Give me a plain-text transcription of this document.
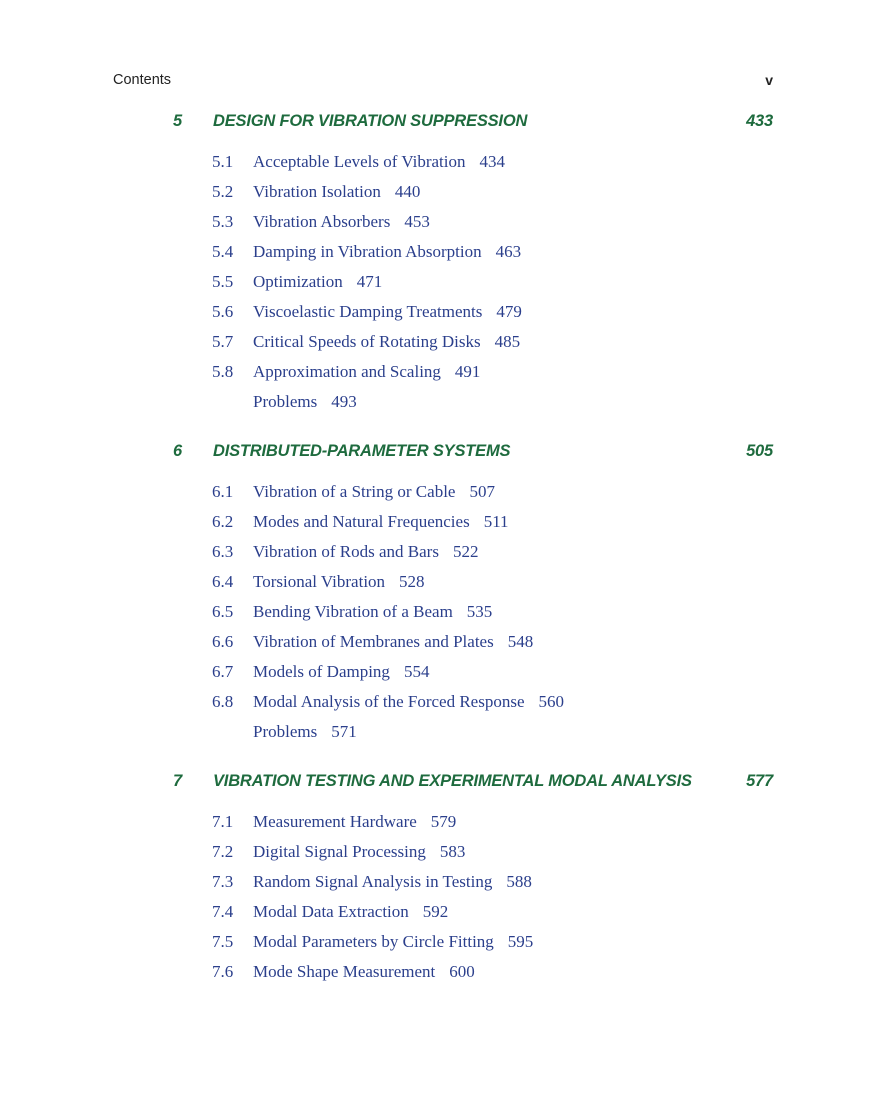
Contents	v
5 DESIGN FOR VIBRATION SUPPRESSION	433
5.1 Acceptable Levels of Vibration 434
5.2 Vibration Isolation 440
5.3 Vibration Absorbers 453
5.4 Damping in Vibration Absorption 463
5.5 Optimization 471
5.6 Viscoelastic Damping Treatments 479
5.7 Critical Speeds of Rotating Disks 485
5.8 Approximation and Scaling 491
Problems 493
6 DISTRIBUTED-PARAMETER SYSTEMS	505
6.1 Vibration of a String or Cable 507
6.2 Modes and Natural Frequencies 511
6.3 Vibration of Rods and Bars 522
6.4 Torsional Vibration 528
6.5 Bending Vibration of a Beam 535
6.6 Vibration of Membranes and Plates 548
6.7 Models of Damping 554
6.8 Modal Analysis of the Forced Response 560
Problems 571
7 VIBRATION TESTING AND EXPERIMENTAL MODAL ANALYSIS	577
7.1 Measurement Hardware 579
7.2 Digital Signal Processing 583
7.3 Random Signal Analysis in Testing 588
7.4 Modal Data Extraction 592
7.5 Modal Parameters by Circle Fitting 595
7.6 Mode Shape Measurement 600
